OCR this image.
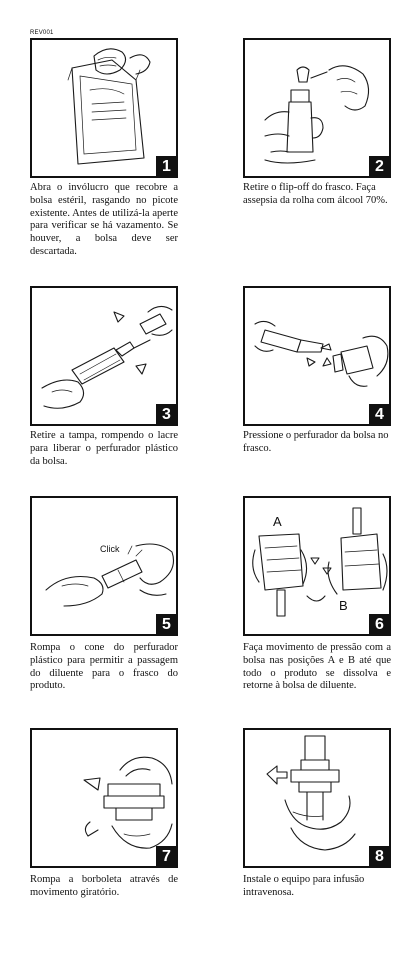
REV001
1
Abra o invólucro que recobre a bolsa estéril, rasgando no picote existente. Antes de utilizá-la aperte para verificar se há vazamento. Se houver, a bolsa deve ser descartada.
2
Retire o flip-off do frasco. Faça assepsia da rolha com álcool 70%.
3
Retire a tampa, rompendo o lacre para liberar o perfurador plástico da bolsa.
4
Pressione o perfurador da bolsa no frasco.
Click
5
Rompa o cone do perfurador plástico para permitir a passagem do diluente para o frasco do produto.
A
B
6
Faça movimento de pressão com a bolsa nas posições A e B até que todo o produto se dissolva e retorne à bolsa de diluente.
7
Rompa a borboleta através de movimento giratório.
8
Instale o equipo para infusão intravenosa.
